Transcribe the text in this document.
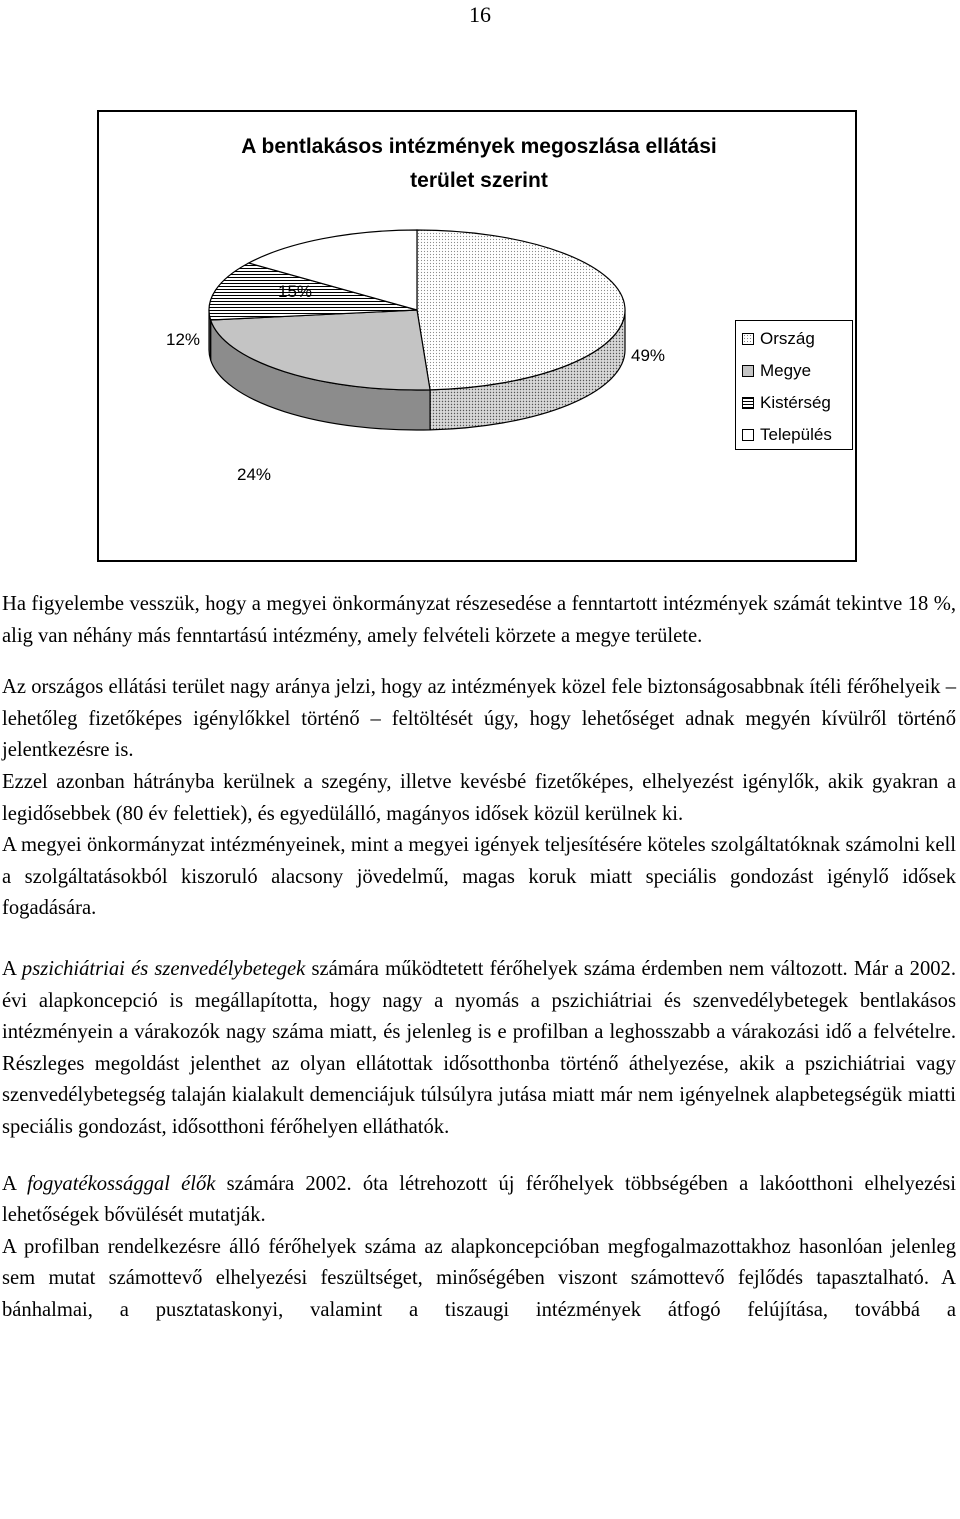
16
A bentlakásos intézmények megoszlása ellátási
terület szerint
49%
24%
12%
15%
Ország
Megye
Kistérség
Település

Ha figyelembe vesszük, hogy a megyei önkormányzat részesedése a fenntartott intézmények számát tekintve 18 %, alig van néhány más fenntartású intézmény, amely felvételi körzete a megye területe.

Az országos ellátási terület nagy aránya jelzi, hogy az intézmények közel fele biztonságosabbnak ítéli férőhelyeik – lehetőleg fizetőképes igénylőkkel történő – feltöltését úgy, hogy lehetőséget adnak megyén kívülről történő jelentkezésre is.

Ezzel azonban hátrányba kerülnek a szegény, illetve kevésbé fizetőképes, elhelyezést igénylők, akik gyakran a legidősebbek (80 év felettiek), és egyedülálló, magányos idősek közül kerülnek ki.

A megyei önkormányzat intézményeinek, mint a megyei igények teljesítésére köteles szolgáltatóknak számolni kell a szolgáltatásokból kiszoruló alacsony jövedelmű, magas koruk miatt speciális gondozást igénylő idősek fogadására.

A pszichiátriai és szenvedélybetegek számára működtetett férőhelyek száma érdemben nem változott. Már a 2002. évi alapkoncepció is megállapította, hogy nagy a nyomás a pszichiátriai és szenvedélybetegek bentlakásos intézményein a várakozók nagy száma miatt, és jelenleg is e profilban a leghosszabb a várakozási idő a felvételre. Részleges megoldást jelenthet az olyan ellátottak idősotthonba történő áthelyezése, akik a pszichiátriai vagy szenvedélybetegség talaján kialakult demenciájuk túlsúlyra jutása miatt már nem igényelnek alapbetegségük miatti speciális gondozást, idősotthoni férőhelyen elláthatók.

A fogyatékossággal élők számára 2002. óta létrehozott új férőhelyek többségében a lakóotthoni elhelyezési lehetőségek bővülését mutatják.

A profilban rendelkezésre álló férőhelyek száma az alapkoncepcióban megfogalmazottakhoz hasonlóan jelenleg sem mutat számottevő elhelyezési feszültséget, minőségében viszont számottevő fejlődés tapasztalható. A bánhalmai, a pusztataskonyi, valamint a tiszaugi intézmények átfogó felújítása, továbbá a
